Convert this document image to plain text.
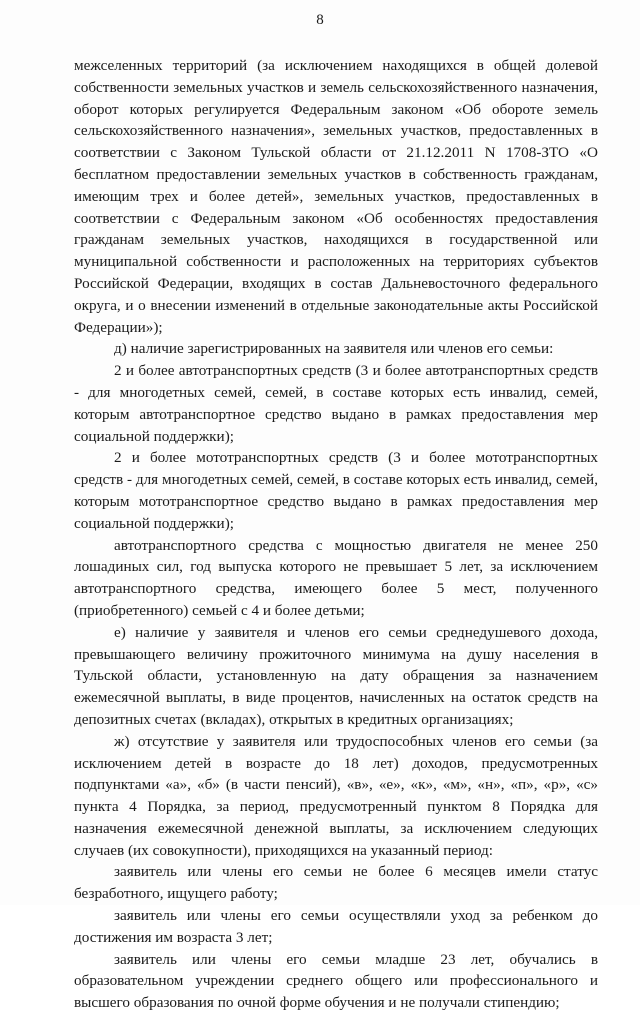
8

межселенных территорий (за исключением находящихся в общей долевой собственности земельных участков и земель сельскохозяйственного назначения, оборот которых регулируется Федеральным законом «Об обороте земель сельскохозяйственного назначения», земельных участков, предоставленных в соответствии с Законом Тульской области от 21.12.2011 N 1708-ЗТО «О бесплатном предоставлении земельных участков в собственность гражданам, имеющим трех и более детей», земельных участков, предоставленных в соответствии с Федеральным законом «Об особенностях предоставления гражданам земельных участков, находящихся в государственной или муниципальной собственности и расположенных на территориях субъектов Российской Федерации, входящих в состав Дальневосточного федерального округа, и о внесении изменений в отдельные законодательные акты Российской Федерации»);

д) наличие зарегистрированных на заявителя или членов его семьи:

2 и более автотранспортных средств (3 и более автотранспортных средств - для многодетных семей, семей, в составе которых есть инвалид, семей, которым автотранспортное средство выдано в рамках предоставления мер социальной поддержки);

2 и более мототранспортных средств (3 и более мототранспортных средств - для многодетных семей, семей, в составе которых есть инвалид, семей, которым мототранспортное средство выдано в рамках предоставления мер социальной поддержки);

автотранспортного средства с мощностью двигателя не менее 250 лошадиных сил, год выпуска которого не превышает 5 лет, за исключением автотранспортного средства, имеющего более 5 мест, полученного (приобретенного) семьей с 4 и более детьми;

е) наличие у заявителя и членов его семьи среднедушевого дохода, превышающего величину прожиточного минимума на душу населения в Тульской области, установленную на дату обращения за назначением ежемесячной выплаты, в виде процентов, начисленных на остаток средств на депозитных счетах (вкладах), открытых в кредитных организациях;

ж) отсутствие у заявителя или трудоспособных членов его семьи (за исключением детей в возрасте до 18 лет) доходов, предусмотренных подпунктами «а», «б» (в части пенсий), «в», «е», «к», «м», «н», «п», «р», «с» пункта 4 Порядка, за период, предусмотренный пунктом 8 Порядка для назначения ежемесячной денежной выплаты, за исключением следующих случаев (их совокупности), приходящихся на указанный период:

заявитель или члены его семьи не более 6 месяцев имели статус безработного, ищущего работу;

заявитель или члены его семьи осуществляли уход за ребенком до достижения им возраста 3 лет;

заявитель или члены его семьи младше 23 лет, обучались в образовательном учреждении среднего общего или профессионального и высшего образования по очной форме обучения и не получали стипендию;
